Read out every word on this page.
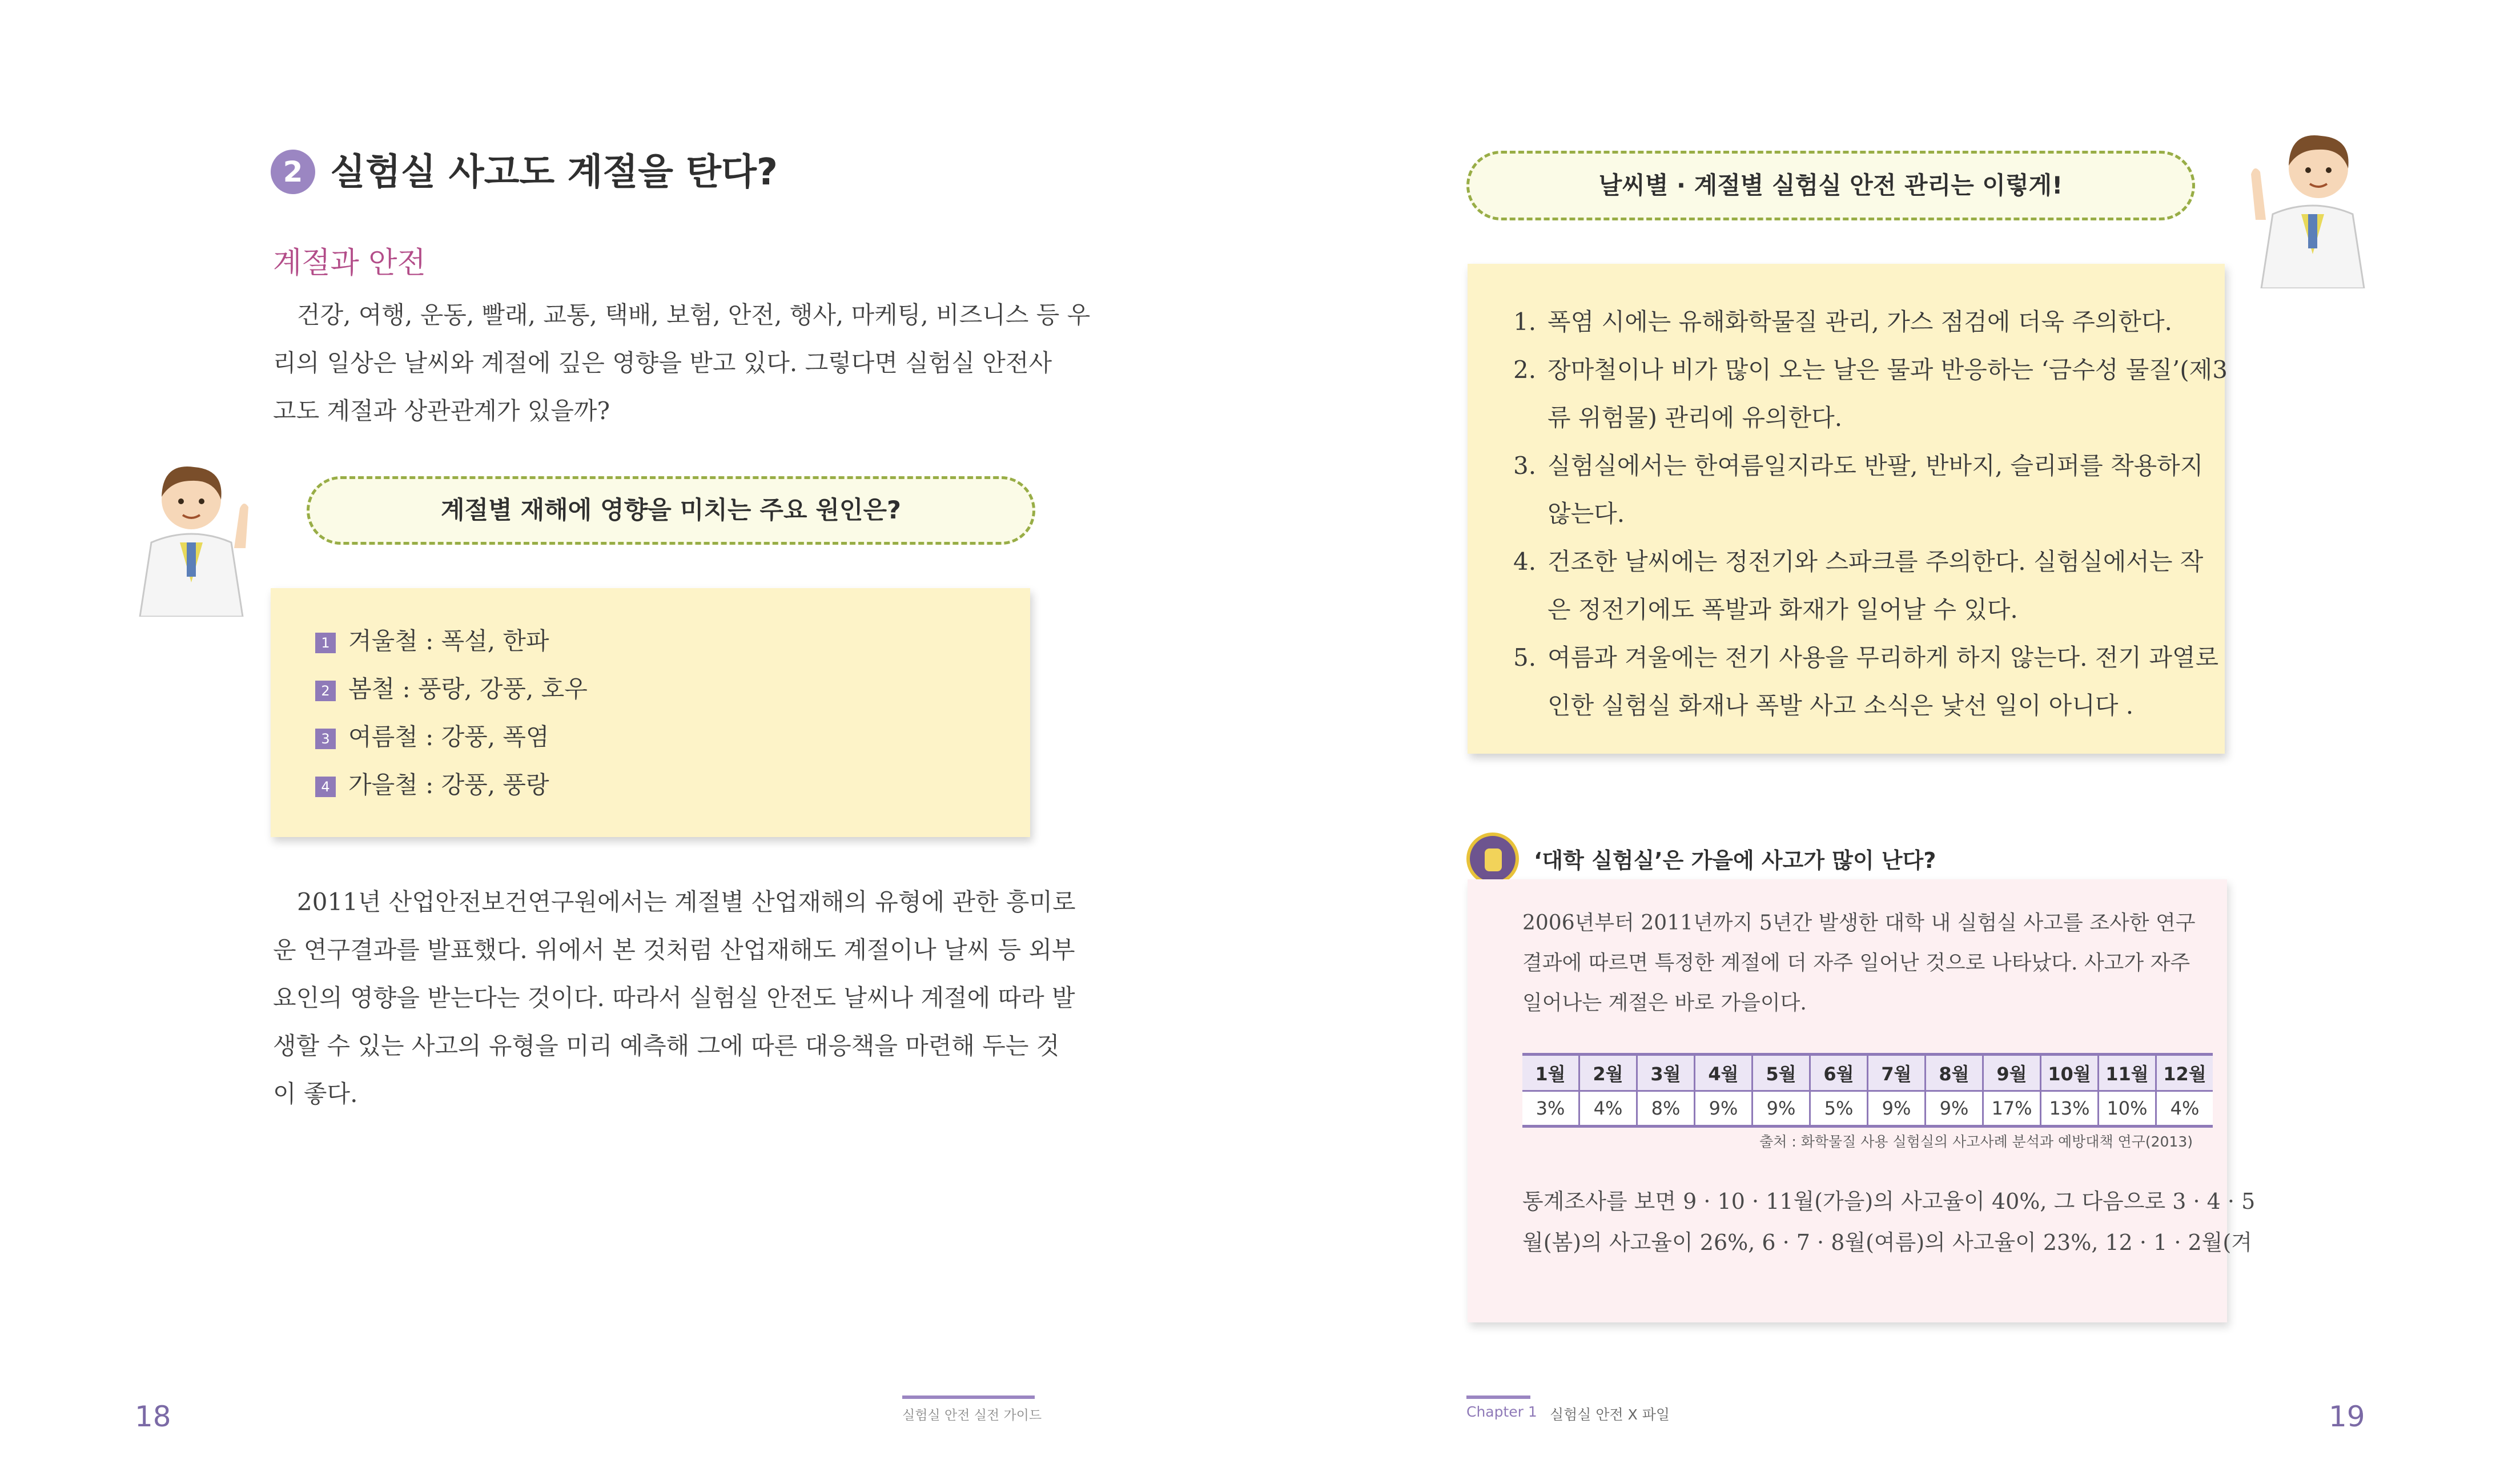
2 실험실 사고도 계절을 탄다?
계절과 안전

건강, 여행, 운동, 빨래, 교통, 택배, 보험, 안전, 행사, 마케팅, 비즈니스 등 우

리의 일상은 날씨와 계절에 깊은 영향을 받고 있다. 그렇다면 실험실 안전사

고도 계절과 상관관계가 있을까?

계절별 재해에 영향을 미치는 주요 원인은?
1 겨울철 : 폭설, 한파
2 봄철 : 풍랑, 강풍, 호우
3 여름철 : 강풍, 폭염
4 가을철 : 강풍, 풍랑

2011년 산업안전보건연구원에서는 계절별 산업재해의 유형에 관한 흥미로

운 연구결과를 발표했다. 위에서 본 것처럼 산업재해도 계절이나 날씨 등 외부

요인의 영향을 받는다는 것이다. 따라서 실험실 안전도 날씨나 계절에 따라 발

생할 수 있는 사고의 유형을 미리 예측해 그에 따른 대응책을 마련해 두는 것

이 좋다.

날씨별 · 계절별 실험실 안전 관리는 이렇게!
1. 폭염 시에는 유해화학물질 관리, 가스 점검에 더욱 주의한다.
2. 장마철이나 비가 많이 오는 날은 물과 반응하는 ‘금수성 물질’(제3
류 위험물) 관리에 유의한다.
3. 실험실에서는 한여름일지라도 반팔, 반바지, 슬리퍼를 착용하지
않는다.
4. 건조한 날씨에는 정전기와 스파크를 주의한다. 실험실에서는 작
은 정전기에도 폭발과 화재가 일어날 수 있다.
5. 여름과 겨울에는 전기 사용을 무리하게 하지 않는다. 전기 과열로
인한 실험실 화재나 폭발 사고 소식은 낯선 일이 아니다 .
‘대학 실험실’은 가을에 사고가 많이 난다?
2006년부터 2011년까지 5년간 발생한 대학 내 실험실 사고를 조사한 연구
결과에 따르면 특정한 계절에 더 자주 일어난 것으로 나타났다. 사고가 자주
일어나는 계절은 바로 가을이다.
1월	2월	3월	4월	5월	6월	7월	8월	9월	10월	11월	12월
3%	4%	8%	9%	9%	5%	9%	9%	17%	13%	10%	4%
출처 : 화학물질 사용 실험실의 사고사례 분석과 예방대책 연구(2013)
통계조사를 보면 9 · 10 · 11월(가을)의 사고율이 40%, 그 다음으로 3 · 4 · 5
월(봄)의 사고율이 26%, 6 · 7 · 8월(여름)의 사고율이 23%, 12 · 1 · 2월(겨
18	실험실 안전 실전 가이드	Chapter 1 실험실 안전 X 파일	19
